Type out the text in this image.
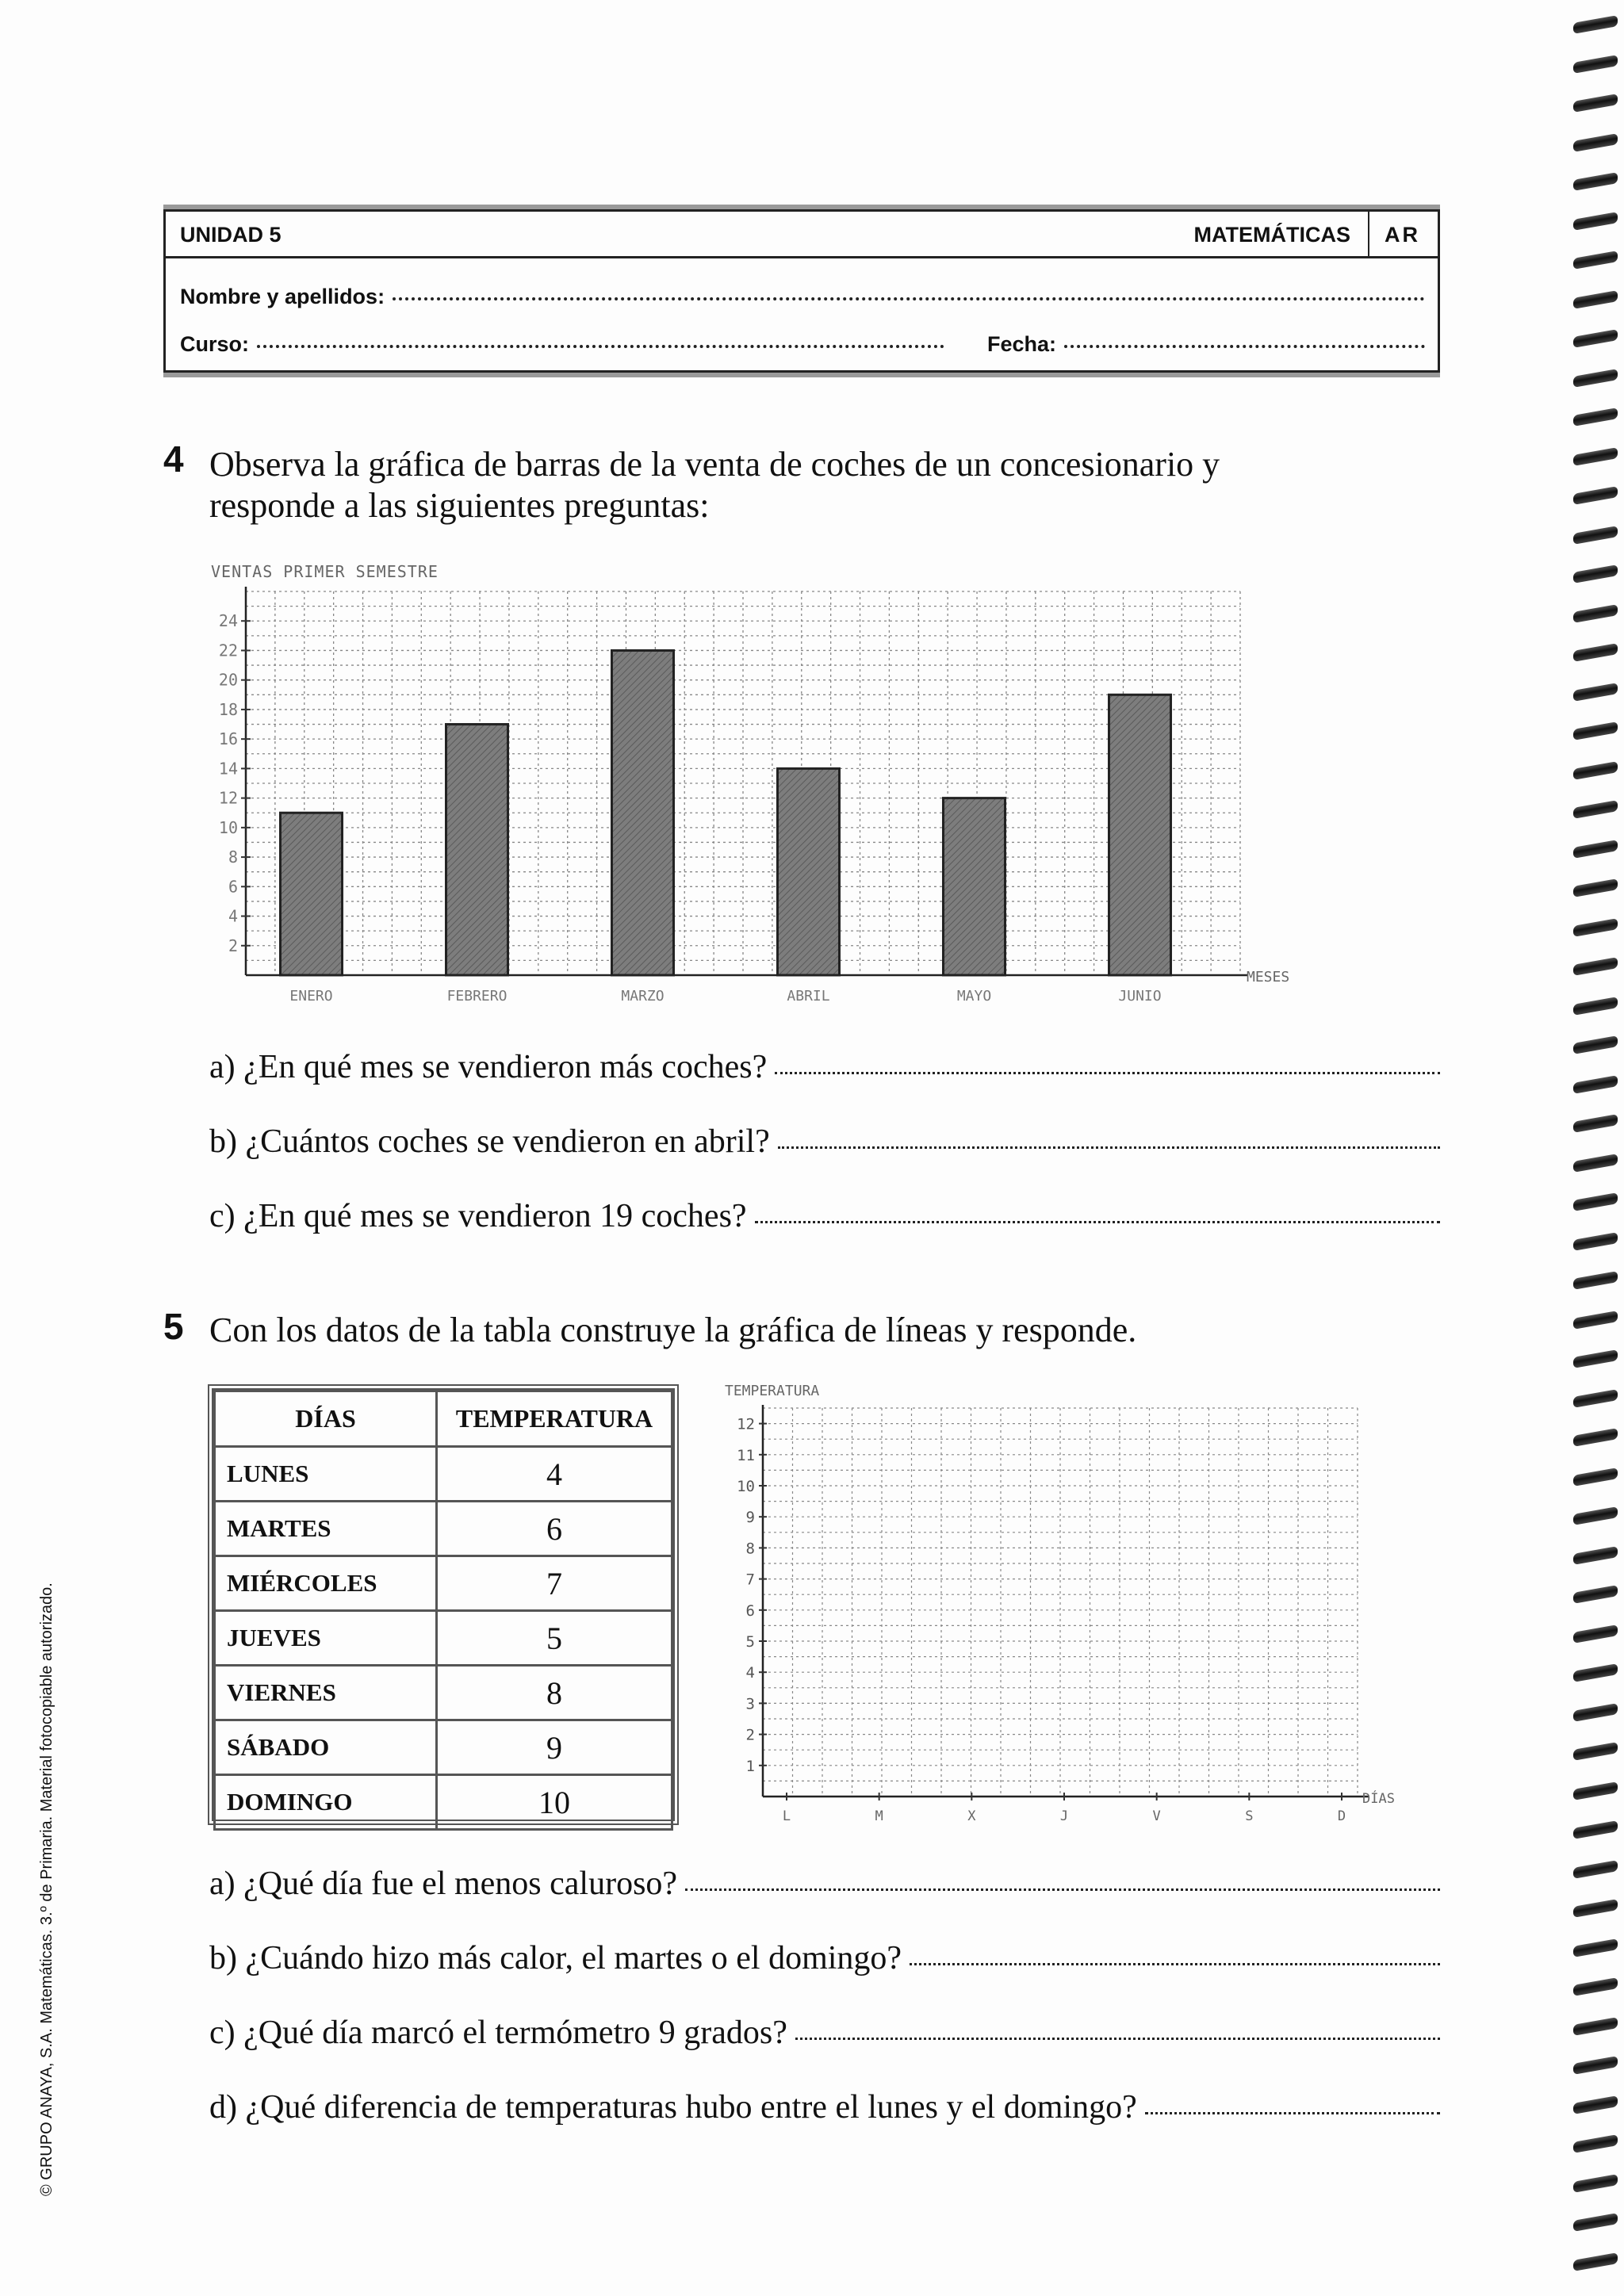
UNIDAD 5	MATEMÁTICAS AR
Nombre y apellidos:
Curso:	Fecha:
4 Observa la gráfica de barras de la venta de coches de un concesionario y responde a las siguientes preguntas:
VENTAS PRIMER SEMESTRE
2
4
6
8
10
12
14
16
18
20
22
24
ENERO	FEBRERO	MARZO	ABRIL	MAYO	JUNIO
MESES
a) ¿En qué mes se vendieron más coches?
b) ¿Cuántos coches se vendieron en abril?
c) ¿En qué mes se vendieron 19 coches?
5 Con los datos de la tabla construye la gráfica de líneas y responde.
DÍAS	TEMPERATURA
LUNES	4
MARTES	6
MIÉRCOLES	7
JUEVES	5
VIERNES	8
SÁBADO	9
DOMINGO	10
TEMPERATURA
1
2
3
4
5
6
7
8
9
10
11
12
L	M	X	J	V	S	D
DÍAS
a) ¿Qué día fue el menos caluroso?
b) ¿Cuándo hizo más calor, el martes o el domingo?
c) ¿Qué día marcó el termómetro 9 grados?
d) ¿Qué diferencia de temperaturas hubo entre el lunes y el domingo?
© GRUPO ANAYA, S.A. Matemáticas. 3.º de Primaria. Material fotocopiable autorizado.
